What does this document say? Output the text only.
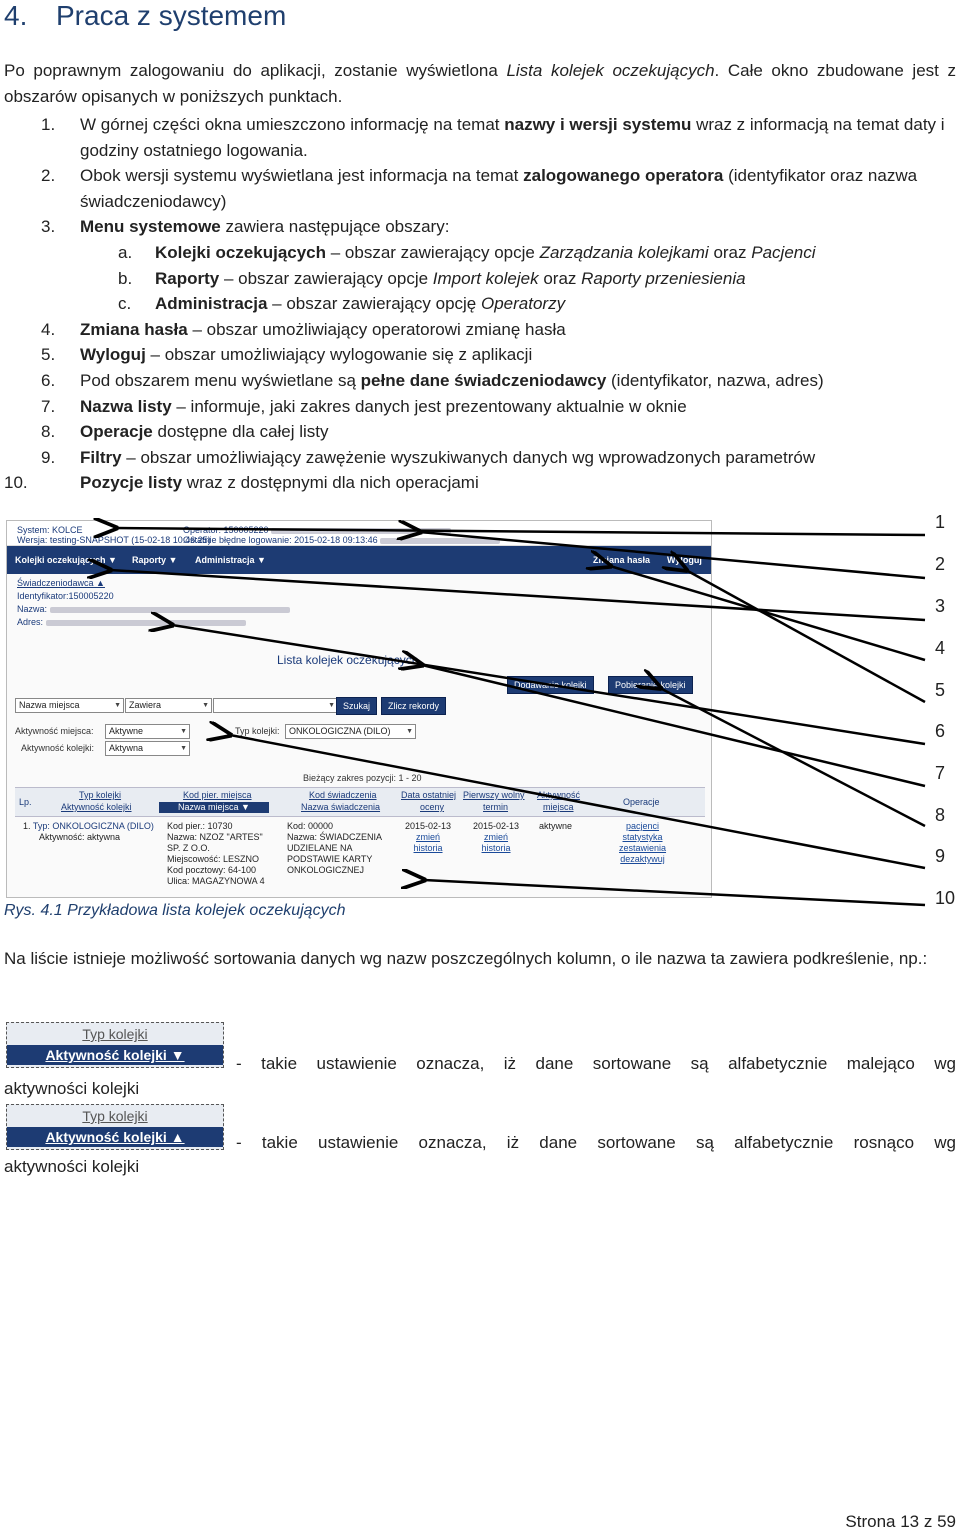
4. Praca z systemem
Po poprawnym zalogowaniu do aplikacji, zostanie wyświetlona Lista kolejek oczekujących. Całe okno zbudowane jest z obszarów opisanych w poniższych punktach.
1. W górnej części okna umieszczono informację na temat nazwy i wersji systemu wraz z informacją na temat daty i godziny ostatniego logowania.
2. Obok wersji systemu wyświetlana jest informacja na temat zalogowanego operatora (identyfikator oraz nazwa świadczeniodawcy)
3. Menu systemowe zawiera następujące obszary:
a. Kolejki oczekujących – obszar zawierający opcje Zarządzania kolejkami oraz Pacjenci
b. Raporty – obszar zawierający opcje Import kolejek oraz Raporty przeniesienia
c. Administracja – obszar zawierający opcję Operatorzy
4. Zmiana hasła – obszar umożliwiający operatorowi zmianę hasła
5. Wyloguj – obszar umożliwiający wylogowanie się z aplikacji
6. Pod obszarem menu wyświetlane są pełne dane świadczeniodawcy (identyfikator, nazwa, adres)
7. Nazwa listy – informuje, jaki zakres danych jest prezentowany aktualnie w oknie
8. Operacje dostępne dla całej listy
9. Filtry – obszar umożliwiający zawężenie wyszukiwanych danych wg wprowadzonych parametrów
10.	Pozycje listy wraz z dostępnymi dla nich operacjami
System: KOLCE
Wersja: testing-SNAPSHOT (15-02-18 10:46:25)
Operator: 150005220
Ostatnie błędne logowanie: 2015-02-18 09:13:46
Kolejki oczekujących ▼ Raporty ▼ Administracja ▼	Zmiana hasła Wyloguj
Świadczeniodawca ▲
Identyfikator:150005220
Nazwa:
Adres:
Lista kolejek oczekujących
Dodawanie kolejki	Pobieranie kolejki
Nazwa miejsca ▼	Zawiera ▼
▼	Szukaj	Zlicz rekordy
Aktywność miejsca:	Aktywne ▼
Aktywność kolejki:	Aktywna ▼
Typ kolejki:	ONKOLOGICZNA (DILO) ▼
Bieżący zakres pozycji: 1 - 20
Lp.
Typ kolejki
Aktywność kolejki
Kod pier. miejsca	Kod świadczenia
Nazwa świadczenia
Data ostatniej
oceny
Pierwszy wolny
termin
Aktywność
miejsca	Operacje
Nazwa miejsca ▼
1. Typ: ONKOLOGICZNA (DILO)
Aktywność: aktywna
Kod pier.: 10730
Nazwa: NZOZ "ARTES"
SP. Z O.O.
Miejscowość: LESZNO
Kod pocztowy: 64-100
Ulica: MAGAZYNOWA 4
Kod: 00000
Nazwa: ŚWIADCZENIA
UDZIELANE NA
PODSTAWIE KARTY
ONKOLOGICZNEJ
2015-02-13
zmień
historia
2015-02-13
zmień
historia
aktywne	pacjenci
statystyka
zestawienia
dezaktywuj
1
2
3
4
5
6
7
8
9
10
Rys. 4.1 Przykładowa lista kolejek oczekujących
Na liście istnieje możliwość sortowania danych wg nazw poszczególnych kolumn, o ile nazwa ta zawiera podkreślenie, np.:
Typ kolejki
Aktywność kolejki ▼	- takie ustawienie oznacza, iż dane sortowane są alfabetycznie malejąco wg
aktywności kolejki
Typ kolejki
Aktywność kolejki ▲	- takie ustawienie oznacza, iż dane sortowane są alfabetycznie rosnąco wg
aktywności kolejki
Strona 13 z 59
